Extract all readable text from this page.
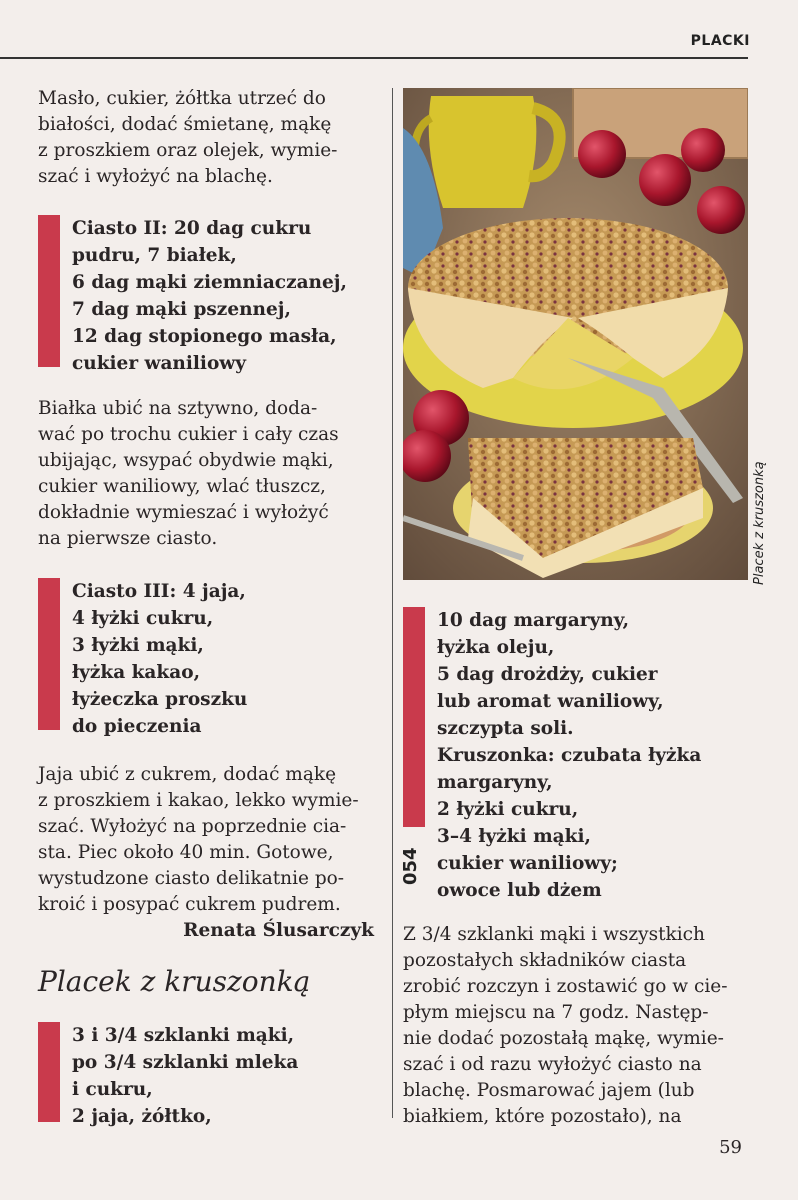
PLACKI
Masło, cukier, żółtka utrzeć do
białości, dodać śmietanę, mąkę
z proszkiem oraz olejek, wymie-
szać i wyłożyć na blachę.
Ciasto II: 20 dag cukru
pudru, 7 białek,
6 dag mąki ziemniaczanej,
7 dag mąki pszennej,
12 dag stopionego masła,
cukier waniliowy
Białka ubić na sztywno, doda-
wać po trochu cukier i cały czas
ubijając, wsypać obydwie mąki,
cukier waniliowy, wlać tłuszcz,
dokładnie wymieszać i wyłożyć
na pierwsze ciasto.
Ciasto III: 4 jaja,
4 łyżki cukru,
3 łyżki mąki,
łyżka kakao,
łyżeczka proszku
do pieczenia
Jaja ubić z cukrem, dodać mąkę
z proszkiem i kakao, lekko wymie-
szać. Wyłożyć na poprzednie cia-
sta. Piec około 40 min. Gotowe,
wystudzone ciasto delikatnie po-
kroić i posypać cukrem pudrem.
Renata Ślusarczyk
Placek z kruszonką
3 i 3/4 szklanki mąki,
po 3/4 szklanki mleka
i cukru,
2 jaja, żółtko,
Placek z kruszonką
10 dag margaryny,
łyżka oleju,
5 dag drożdży, cukier
lub aromat waniliowy,
szczypta soli.
Kruszonka: czubata łyżka
margaryny,
2 łyżki cukru,
3–4 łyżki mąki,
cukier waniliowy;
owoce lub dżem
054
Z 3/4 szklanki mąki i wszystkich
pozostałych składników ciasta
zrobić rozczyn i zostawić go w cie-
płym miejscu na 7 godz. Następ-
nie dodać pozostałą mąkę, wymie-
szać i od razu wyłożyć ciasto na
blachę. Posmarować jajem (lub
białkiem, które pozostało), na
59
